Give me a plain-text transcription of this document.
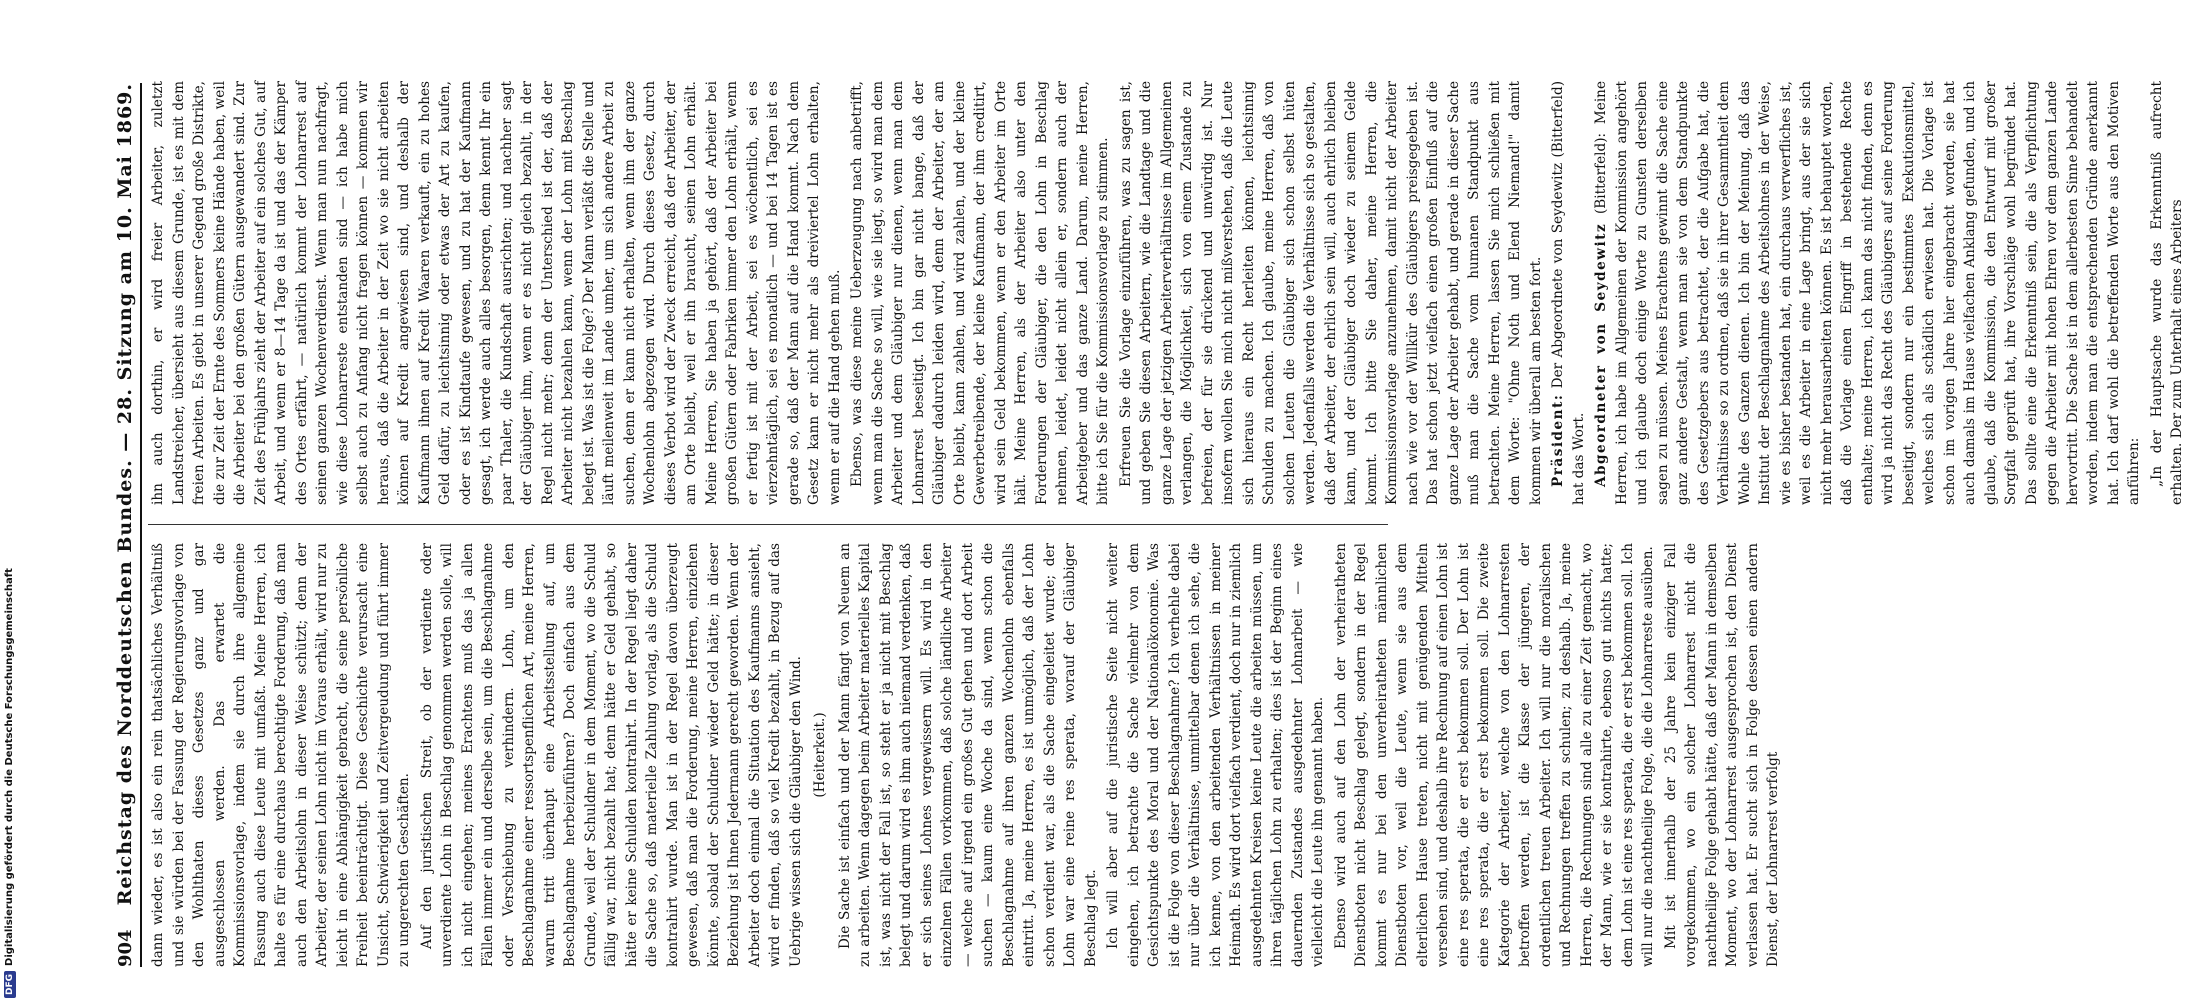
904
Reichstag des Norddeutschen Bundes. — 28. Sitzung am 10. Mai 1869. dann wieder, es ist also ein rein thatsächliches Verhältniß und sie würden bei der Fassung der Regierungsvorlage von den Wohlthaten dieses Gesetzes ganz und gar ausgeschlossen werden. Das erwartet die Kommissionsvorlage, indem sie durch ihre allgemeine Fassung auch diese Leute mit umfaßt. Meine Herren, ich halte es für eine durchaus berechtigte Forderung, daß man auch den Arbeitslohn in dieser Weise schützt; denn der Arbeiter, der seinen Lohn nicht im Voraus erhält, wird nur zu leicht in eine Abhängigkeit gebracht, die seine persönliche Freiheit beeinträchtigt. Diese Geschichte verursacht eine Unsicht, Schwierigkeit und Zeitvergeudung und führt immer zu ungerechten Geschäften. Auf den juristischen Streit, ob der verdiente oder unverdiente Lohn in Beschlag genommen werden solle, will ich nicht eingehen; meines Erachtens muß das ja allen Fällen immer ein und derselbe sein, um die Beschlagnahme oder Verschiebung zu verhindern. Lohn, um den Beschlagnahme einer ressortspenflichen Art, meine Herren, warum tritt überhaupt eine Arbeitsstellung auf, um Beschlagnahme herbeizuführen? Doch einfach aus dem Grunde, weil der Schuldner in dem Moment, wo die Schuld fällig war, nicht bezahlt hat; denn hätte er Geld gehabt, so hätte er keine Schulden kontrahirt. In der Regel liegt daher die Sache so, daß materielle Zahlung vorlag, als die Schuld kontrahirt wurde. Man ist in der Regel davon überzeugt gewesen, daß man die Forderung, meine Herren, einziehen könnte, sobald der Schuldner wieder Geld hätte; in dieser Beziehung ist Ihnen Jedermann gerecht geworden. Wenn der Arbeiter doch einmal die Situation des Kaufmanns ansieht, wird er finden, daß so viel Kredit bezahlt, in Bezug auf das Uebrige wissen sich die Gläubiger den Wind. (Heiterkeit.) Die Sache ist einfach und der Mann fängt von Neuem an zu arbeiten. Wenn dagegen beim Arbeiter materielles Kapital ist, was nicht der Fall ist, so steht er ja nicht mit Beschlag belegt und darum wird es ihm auch niemand verdenken, daß er sich seines Lohnes vergewissern will. Es wird in den einzelnen Fällen vorkommen, daß solche ländliche Arbeiter — welche auf irgend ein großes Gut gehen und dort Arbeit suchen — kaum eine Woche da sind, wenn schon die Beschlagnahme auf ihren ganzen Wochenlohn ebenfalls eintritt. Ja, meine Herren, es ist unmöglich, daß der Lohn schon verdient war, als die Sache eingeleitet wurde; der Lohn war eine reine res sperata, worauf der Gläubiger Beschlag legt. Ich will aber auf die juristische Seite nicht weiter eingehen, ich betrachte die Sache vielmehr von dem Gesichtspunkte des Moral und der Nationalökonomie. Was ist die Folge von dieser Beschlagnahme? Ich verhehle dabei nur über die Verhältnisse, unmittelbar denen ich sehe, die ich kenne, von den arbeitenden Verhältnissen in meiner Heimath. Es wird dort vielfach verdient, doch nur in ziemlich ausgedehnten Kreisen keine Leute die arbeiten müssen, um ihren täglichen Lohn zu erhalten; dies ist der Beginn eines dauernden Zustandes ausgedehnter Lohnarbeit — wie vielleicht die Leute ihn genannt haben. Ebenso wird auch auf den Lohn der verheiratheten Dienstboten nicht Beschlag gelegt, sondern in der Regel kommt es nur bei den unverheiratheten männlichen Dienstboten vor, weil die Leute, wenn sie aus dem elterlichen Hause treten, nicht mit genügenden Mitteln versehen sind, und deshalb ihre Rechnung auf einen Lohn ist eine res sperata, die er erst bekommen soll. Der Lohn ist eine res sperata, die er erst bekommen soll. Die zweite Kategorie der Arbeiter, welche von den Lohnarresten betroffen werden, ist die Klasse der jüngeren, der ordentlichen treuen Arbeiter. Ich will nur die moralischen und Rechnungen treffen zu schulen; zu deshalb. Ja, meine Herren, die Rechnungen sind alle zu einer Zeit gemacht, wo der Mann, wie er sie kontrahirte, ebenso gut nichts hatte; dem Lohn ist eine res sperata, die er erst bekommen soll. Ich will nur die nachtheilige Folge, die die Lohnarreste ausüben. Mit ist innerhalb der 25 Jahre kein einziger Fall vorgekommen, wo ein solcher Lohnarrest nicht die nachtheilige Folge gehabt hätte, daß der Mann in demselben Moment, wo der Lohnarrest ausgesprochen ist, den Dienst verlassen hat. Er sucht sich in Folge dessen einen andern Dienst, der Lohnarrest verfolgt

ihn auch dorthin, er wird freier Arbeiter, zuletzt Landstreicher, übersieht aus diesem Grunde, ist es mit dem freien Arbeiten. Es giebt in unserer Gegend große Distrikte, die zur Zeit der Ernte des Sommers keine Hände haben, weil die Arbeiter bei den großen Gütern ausgewandert sind. Zur Zeit des Frühjahrs zieht der Arbeiter auf ein solches Gut, auf Arbeit, und wenn er 8—14 Tage da ist und das der Kämper des Ortes erfährt, — natürlich kommt der Lohnarrest auf seinen ganzen Wochenverdienst. Wenn man nun nachfragt, wie diese Lohnarreste entstanden sind — ich habe mich selbst auch zu Anfang nicht fragen können — kommen wir heraus, daß die Arbeiter in der Zeit wo sie nicht arbeiten können auf Kredit angewiesen sind, und deshalb der Kaufmann ihnen auf Kredit Waaren verkauft, ein zu hohes Geld dafür, zu leichtsinnig oder etwas der Art zu kaufen, oder es ist Kindtaufe gewesen, und zu hat der Kaufmann gesagt, ich werde auch alles besorgen, denn kennt Ihr ein paar Thaler, die Kundschaft ausrichten; und nachher sagt der Gläubiger ihm, wenn er es nicht gleich bezahlt, in der Regel nicht mehr; denn der Unterschied ist der, daß der Arbeiter nicht bezahlen kann, wenn der Lohn mit Beschlag belegt ist. Was ist die Folge? Der Mann verläßt die Stelle und läuft meilenweit im Lande umher, um sich andere Arbeit zu suchen, denn er kann nicht erhalten, wenn ihm der ganze Wochenlohn abgezogen wird. Durch dieses Gesetz, durch dieses Verbot wird der Zweck erreicht, daß der Arbeiter, der am Orte bleibt, weil er ihn braucht, seinen Lohn erhält. Meine Herren, Sie haben ja gehört, daß der Arbeiter bei großen Gütern oder Fabriken immer den Lohn erhält, wenn er fertig ist mit der Arbeit, sei es wöchentlich, sei es vierzehntäglich, sei es monatlich — und bei 14 Tagen ist es gerade so, daß der Mann auf die Hand kommt. Nach dem Gesetz kann er nicht mehr als dreiviertel Lohn erhalten, wenn er auf die Hand gehen muß. Ebenso, was diese meine Ueberzeugung nach anbetrifft, wenn man die Sache so will, wie sie liegt, so wird man dem Arbeiter und dem Gläubiger nur dienen, wenn man dem Lohnarrest beseitigt. Ich bin gar nicht bange, daß der Gläubiger dadurch leiden wird, denn der Arbeiter, der am Orte bleibt, kann zahlen, und wird zahlen, und der kleine Gewerbetreibende, der kleine Kaufmann, der ihm creditirt, wird sein Geld bekommen, wenn er den Arbeiter im Orte hält. Meine Herren, als der Arbeiter also unter den Forderungen der Gläubiger, die den Lohn in Beschlag nehmen, leidet, leidet nicht allein er, sondern auch der Arbeitgeber und das ganze Land. Darum, meine Herren, bitte ich Sie für die Kommissionsvorlage zu stimmen. Erfreuen Sie die Vorlage einzuführen, was zu sagen ist, und geben Sie diesen Arbeitern, wie die Landtage und die ganze Lage der jetzigen Arbeiterverhältnisse im Allgemeinen verlangen, die Möglichkeit, sich von einem Zustande zu befreien, der für sie drückend und unwürdig ist. Nur insofern wollen Sie mich nicht mißverstehen, daß die Leute sich hieraus ein Recht herleiten können, leichtsinnig Schulden zu machen. Ich glaube, meine Herren, daß von solchen Leuten die Gläubiger sich schon selbst hüten werden. Jedenfalls werden die Verhältnisse sich so gestalten, daß der Arbeiter, der ehrlich sein will, auch ehrlich bleiben kann, und der Gläubiger doch wieder zu seinem Gelde kommt. Ich bitte Sie daher, meine Herren, die Kommissionsvorlage anzunehmen, damit nicht der Arbeiter nach wie vor der Willkür des Gläubigers preisgegeben ist. Das hat schon jetzt vielfach einen großen Einfluß auf die ganze Lage der Arbeiter gehabt, und gerade in dieser Sache muß man die Sache vom humanen Standpunkt aus betrachten. Meine Herren, lassen Sie mich schließen mit dem Worte: "Ohne Noth und Elend Niemand!" damit kommen wir überall am besten fort. Präsident: Der Abgeordnete von Seydewitz (Bitterfeld) hat das Wort. Abgeordneter von Seydewitz (Bitterfeld): Meine Herren, ich habe im Allgemeinen der Kommission angehört und ich glaube doch einige Worte zu Gunsten derselben sagen zu müssen. Meines Erachtens gewinnt die Sache eine ganz andere Gestalt, wenn man sie von dem Standpunkte des Gesetzgebers aus betrachtet, der die Aufgabe hat, die Verhältnisse so zu ordnen, daß sie in ihrer Gesammtheit dem Wohle des Ganzen dienen. Ich bin der Meinung, daß das Institut der Beschlagnahme des Arbeitslohnes in der Weise, wie es bisher bestanden hat, ein durchaus verwerfliches ist, weil es die Arbeiter in eine Lage bringt, aus der sie sich nicht mehr herausarbeiten können. Es ist behauptet worden, daß die Vorlage einen Eingriff in bestehende Rechte enthalte; meine Herren, ich kann das nicht finden, denn es wird ja nicht das Recht des Gläubigers auf seine Forderung beseitigt, sondern nur ein bestimmtes Exekutionsmittel, welches sich als schädlich erwiesen hat. Die Vorlage ist schon im vorigen Jahre hier eingebracht worden, sie hat auch damals im Hause vielfachen Anklang gefunden, und ich glaube, daß die Kommission, die den Entwurf mit großer Sorgfalt geprüft hat, ihre Vorschläge wohl begründet hat. Das sollte eine die Erkenntniß sein, die als Verpflichtung gegen die Arbeiter mit hohen Ehren vor dem ganzen Lande hervortritt. Die Sache ist in dem allerbesten Sinne behandelt worden, indem man die entsprechenden Gründe anerkannt hat. Ich darf wohl die betreffenden Worte aus den Motiven anführen: „In der Hauptsache wurde das Erkenntniß aufrecht erhalten. Der zum Unterhalt eines Arbeiters

DFG
Digitalisierung gefördert durch die Deutsche Forschungsgemeinschaft
